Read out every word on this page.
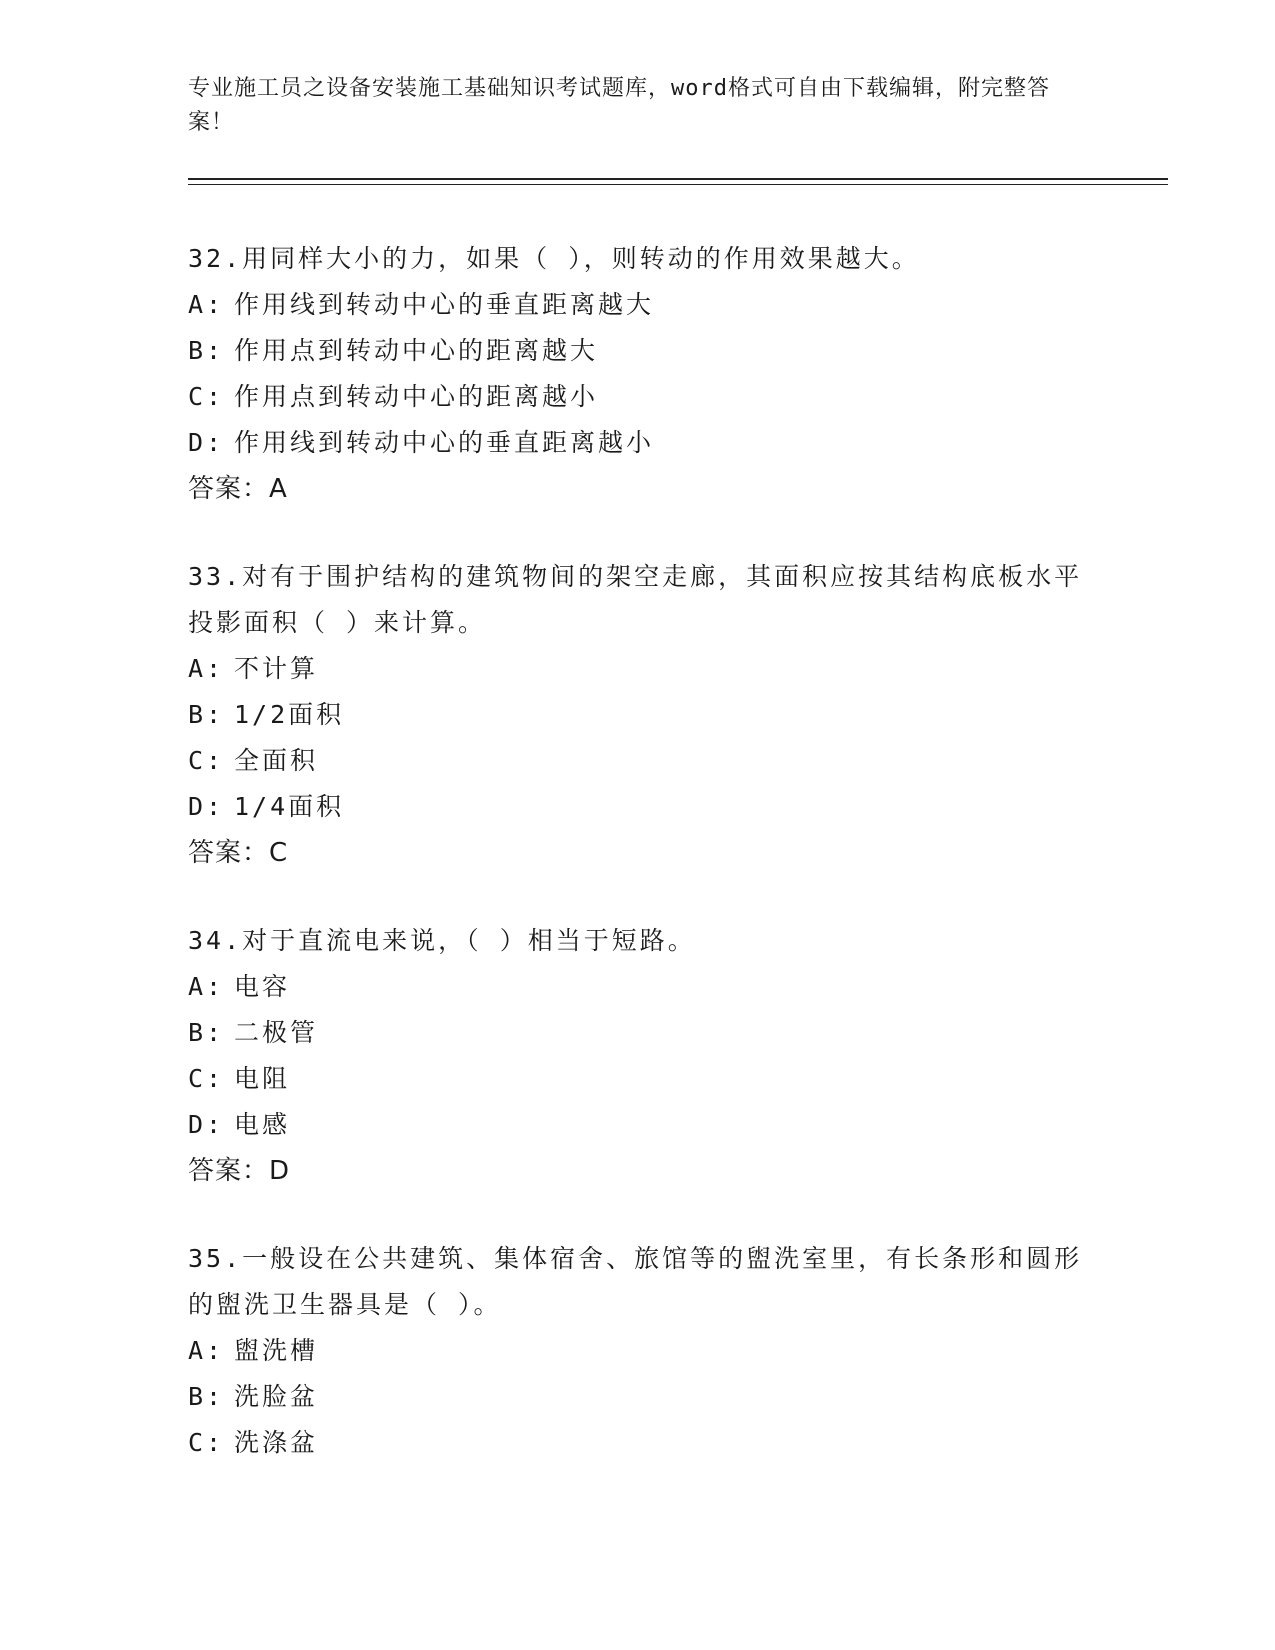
专业施工员之设备安装施工基础知识考试题库，word格式可自由下载编辑，附完整答案！
32.用同样大小的力，如果（ ），则转动的作用效果越大。
A: 作用线到转动中心的垂直距离越大
B: 作用点到转动中心的距离越大
C: 作用点到转动中心的距离越小
D: 作用线到转动中心的垂直距离越小
答案：A
33.对有于围护结构的建筑物间的架空走廊，其面积应按其结构底板水平投影面积（ ）来计算。
A: 不计算
B: 1/2面积
C: 全面积
D: 1/4面积
答案：C
34.对于直流电来说，（ ）相当于短路。
A: 电容
B: 二极管
C: 电阻
D: 电感
答案：D
35.一般设在公共建筑、集体宿舍、旅馆等的盥洗室里，有长条形和圆形的盥洗卫生器具是（ ）。
A: 盥洗槽
B: 洗脸盆
C: 洗涤盆
